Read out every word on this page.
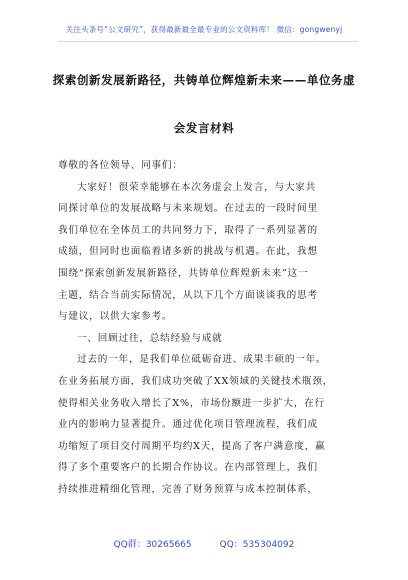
关注头条号“公文研究”，获得最新最全最专业的公文资料库！ 微信：gongwenyj
探索创新发展新路径，共铸单位辉煌新未来——单位务虚
会发言材料
尊敬的各位领导、同事们：
大家好！很荣幸能够在本次务虚会上发言，与大家共
同探讨单位的发展战略与未来规划。在过去的一段时间里
我们单位在全体员工的共同努力下，取得了一系列显著的
成绩，但同时也面临着诸多新的挑战与机遇。在此，我想
围绕“探索创新发展新路径，共铸单位辉煌新未来”这一
主题，结合当前实际情况，从以下几个方面谈谈我的思考
与建议，以供大家参考。
一、回顾过往，总结经验与成就
过去的一年，是我们单位砥砺奋进、成果丰硕的一年。
在业务拓展方面，我们成功突破了XX领域的关键技术瓶颈，
使得相关业务收入增长了X%，市场份额进一步扩大，在行
业内的影响力显著提升。通过优化项目管理流程，我们成
功缩短了项目交付周期平均约X天，提高了客户满意度，赢
得了多个重要客户的长期合作协议。在内部管理上，我们
持续推进精细化管理，完善了财务预算与成本控制体系，
QQ群：30265665	QQ：535304092
